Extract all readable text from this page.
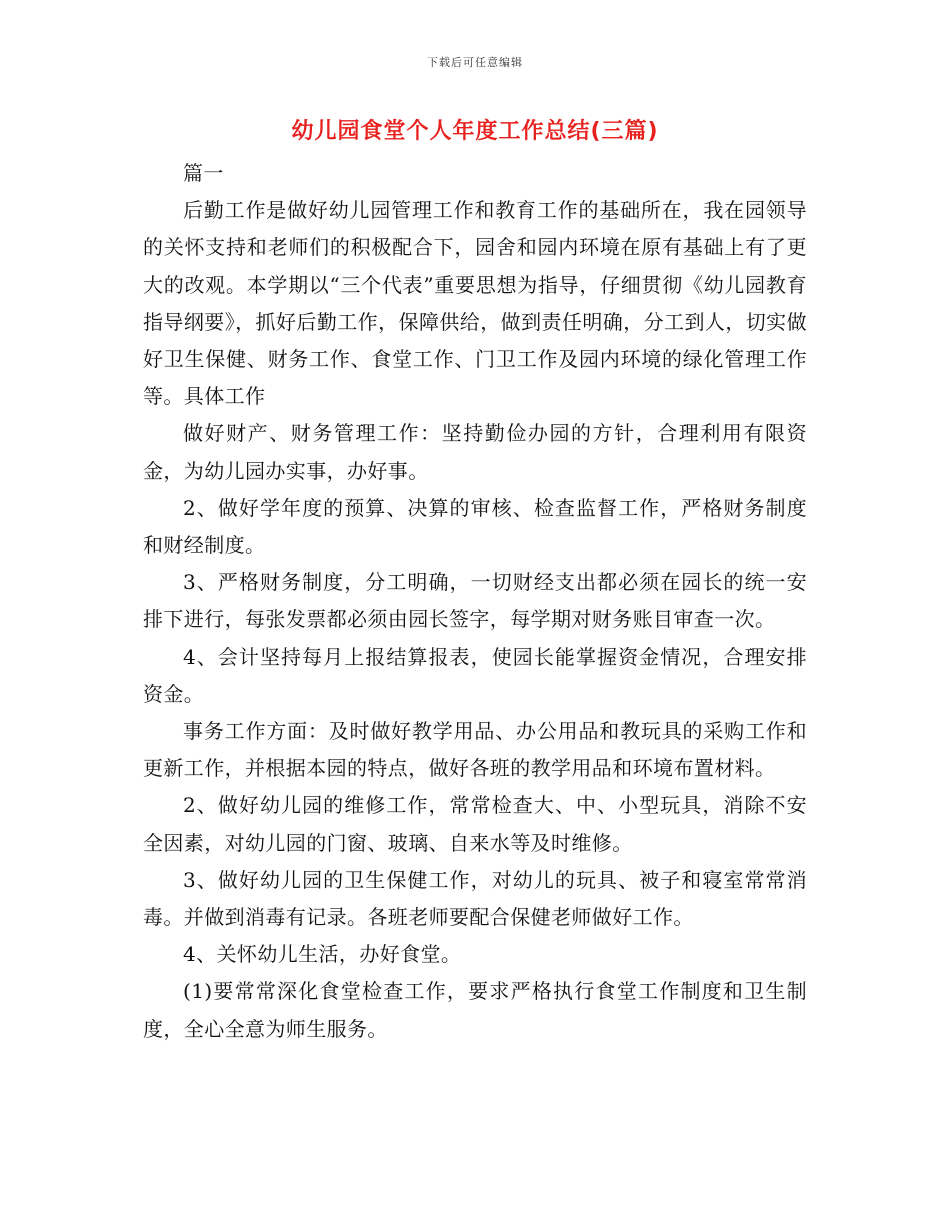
下载后可任意编辑
幼儿园食堂个人年度工作总结(三篇)

篇一

后勤工作是做好幼儿园管理工作和教育工作的基础所在，我在园领导的关怀支持和老师们的积极配合下，园舍和园内环境在原有基础上有了更大的改观。本学期以“三个代表”重要思想为指导，仔细贯彻《幼儿园教育指导纲要》，抓好后勤工作，保障供给，做到责任明确，分工到人，切实做好卫生保健、财务工作、食堂工作、门卫工作及园内环境的绿化管理工作等。具体工作

做好财产、财务管理工作：坚持勤俭办园的方针，合理利用有限资金，为幼儿园办实事，办好事。

2、做好学年度的预算、决算的审核、检查监督工作，严格财务制度和财经制度。

3、严格财务制度，分工明确，一切财经支出都必须在园长的统一安排下进行，每张发票都必须由园长签字，每学期对财务账目审查一次。

4、会计坚持每月上报结算报表，使园长能掌握资金情况，合理安排资金。

事务工作方面：及时做好教学用品、办公用品和教玩具的采购工作和更新工作，并根据本园的特点，做好各班的教学用品和环境布置材料。

2、做好幼儿园的维修工作，常常检查大、中、小型玩具，消除不安全因素，对幼儿园的门窗、玻璃、自来水等及时维修。

3、做好幼儿园的卫生保健工作，对幼儿的玩具、被子和寝室常常消毒。并做到消毒有记录。各班老师要配合保健老师做好工作。

4、关怀幼儿生活，办好食堂。

(1)要常常深化食堂检查工作，要求严格执行食堂工作制度和卫生制度，全心全意为师生服务。
